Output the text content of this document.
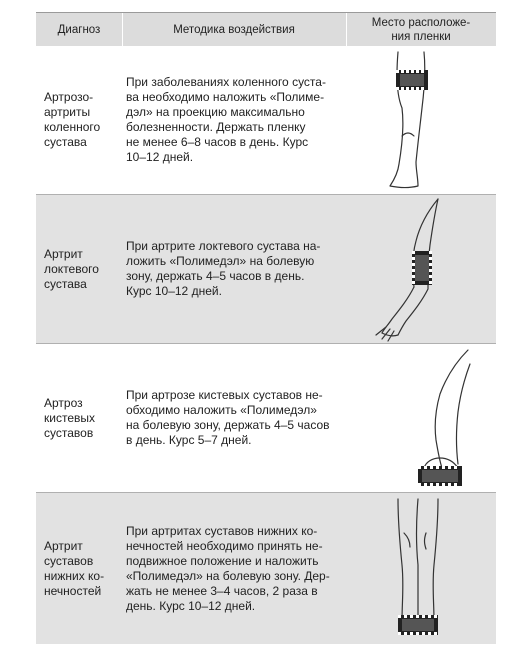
Диагноз	Методика воздействия
Место расположе-
ния пленки
Артрозо-
артриты
коленного
сустава
При заболеваниях коленного суста-
ва необходимо наложить «Полиме-
дэл» на проекцию максимально
болезненности. Держать пленку
не менее 6–8 часов в день. Курс
10–12 дней.
Артрит
локтевого
сустава
При артрите локтевого сустава на-
ложить «Полимедэл» на болевую
зону, держать 4–5 часов в день.
Курс 10–12 дней.
Артроз
кистевых
суставов
При артрозе кистевых суставов не-
обходимо наложить «Полимедэл»
на болевую зону, держать 4–5 часов
в день. Курс 5–7 дней.
Артрит
суставов
нижних ко-
нечностей
При артритах суставов нижних ко-
нечностей необходимо принять не-
подвижное положение и наложить
«Полимедэл» на болевую зону. Дер-
жать не менее 3–4 часов, 2 раза в
день. Курс 10–12 дней.
